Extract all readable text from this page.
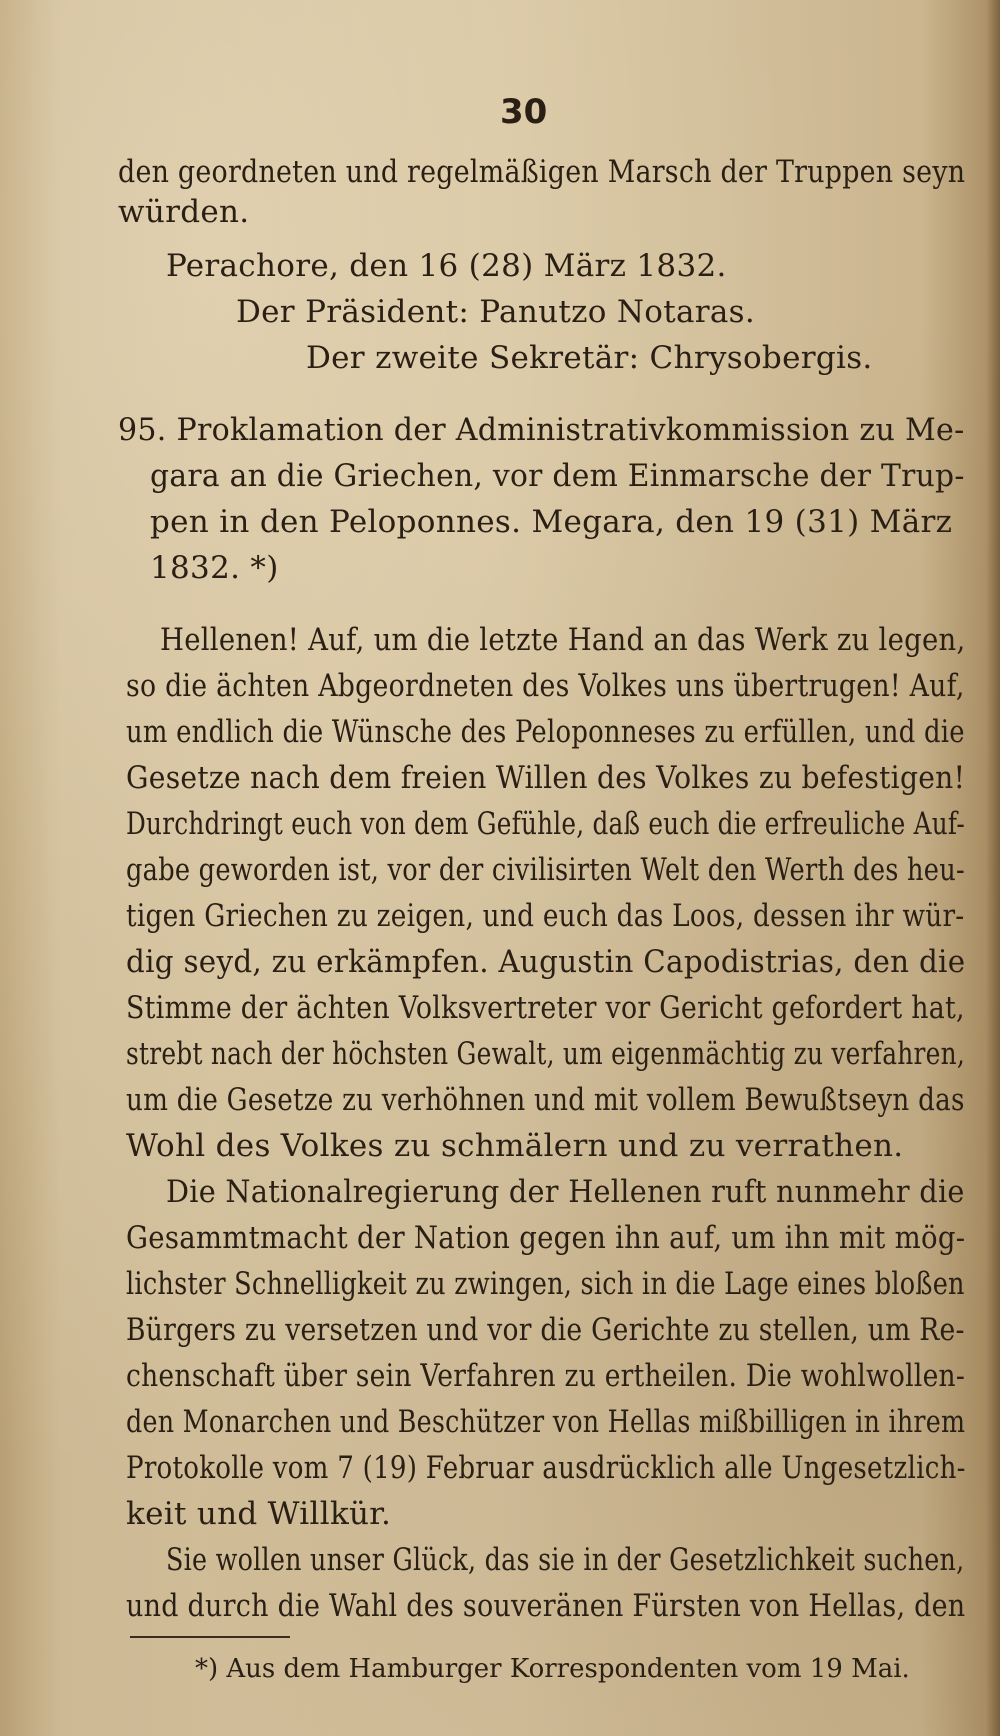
30
den geordneten und regelmäßigen Marsch der Truppen seyn
würden.
Perachore, den 16 (28) März 1832.
Der Präsident: Panutzo Notaras.
Der zweite Sekretär: Chrysobergis.
95. Proklamation der Administrativkommission zu Me-
gara an die Griechen, vor dem Einmarsche der Trup-
pen in den Peloponnes. Megara, den 19 (31) März
1832. *)
Hellenen! Auf, um die letzte Hand an das Werk zu legen,
so die ächten Abgeordneten des Volkes uns übertrugen! Auf,
um endlich die Wünsche des Peloponneses zu erfüllen, und die
Gesetze nach dem freien Willen des Volkes zu befestigen!
Durchdringt euch von dem Gefühle, daß euch die erfreuliche Auf-
gabe geworden ist, vor der civilisirten Welt den Werth des heu-
tigen Griechen zu zeigen, und euch das Loos, dessen ihr wür-
dig seyd, zu erkämpfen. Augustin Capodistrias, den die
Stimme der ächten Volksvertreter vor Gericht gefordert hat,
strebt nach der höchsten Gewalt, um eigenmächtig zu verfahren,
um die Gesetze zu verhöhnen und mit vollem Bewußtseyn das
Wohl des Volkes zu schmälern und zu verrathen.
Die Nationalregierung der Hellenen ruft nunmehr die
Gesammtmacht der Nation gegen ihn auf, um ihn mit mög-
lichster Schnelligkeit zu zwingen, sich in die Lage eines bloßen
Bürgers zu versetzen und vor die Gerichte zu stellen, um Re-
chenschaft über sein Verfahren zu ertheilen. Die wohlwollen-
den Monarchen und Beschützer von Hellas mißbilligen in ihrem
Protokolle vom 7 (19) Februar ausdrücklich alle Ungesetzlich-
keit und Willkür.
Sie wollen unser Glück, das sie in der Gesetzlichkeit suchen,
und durch die Wahl des souveränen Fürsten von Hellas, den
*) Aus dem Hamburger Korrespondenten vom 19 Mai.
